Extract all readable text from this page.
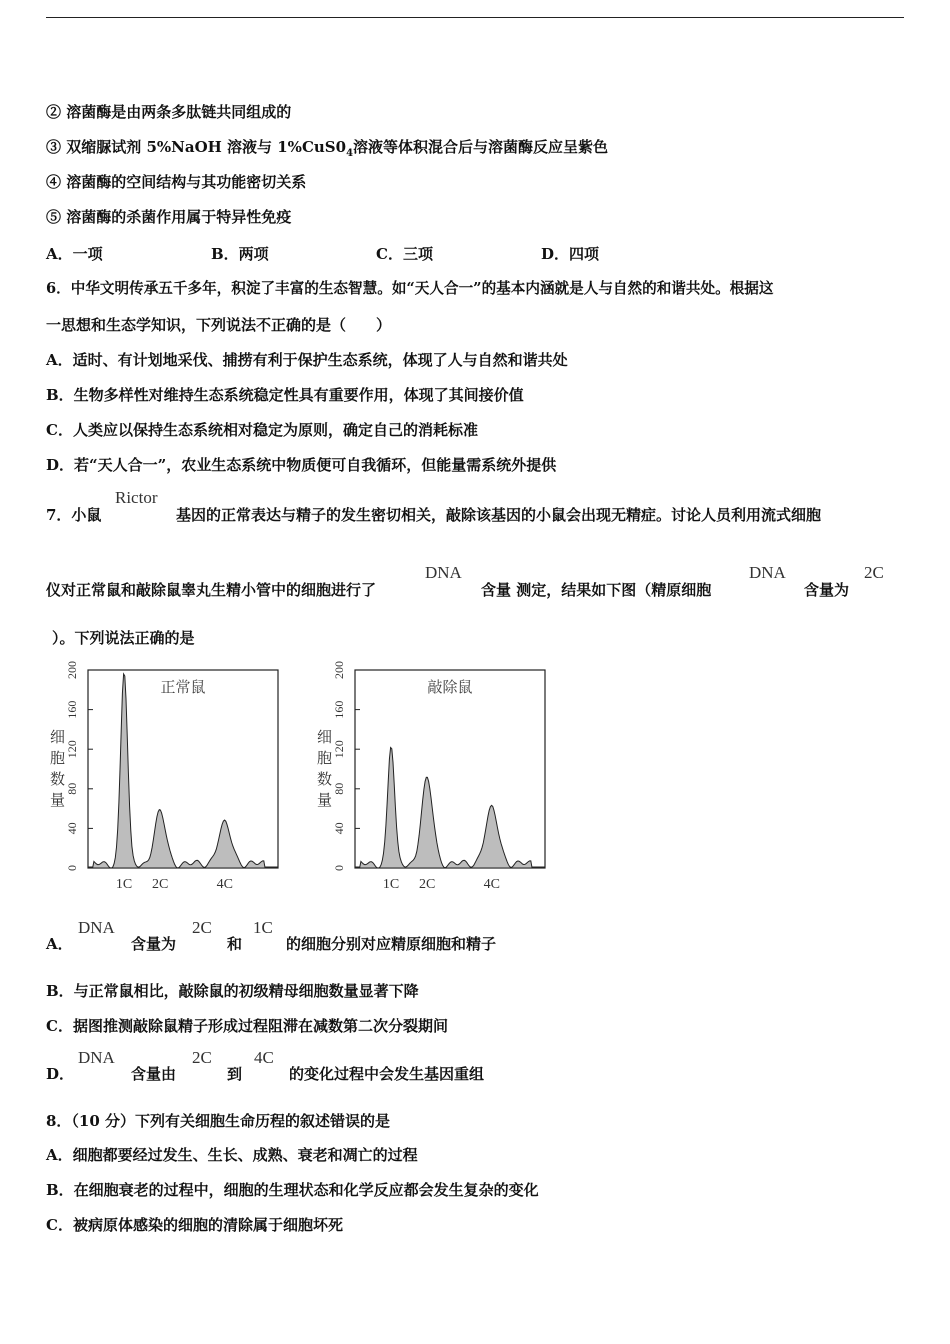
② 溶菌酶是由两条多肽链共同组成的
③ 双缩脲试剂 5%NaOH 溶液与 $1\%CuS0_4$溶液等体积混合后与溶菌酶反应呈紫色
④ 溶菌酶的空间结构与其功能密切关系
⑤ 溶菌酶的杀菌作用属于特异性免疫
A．一项	B．两项	C．三项	D．四项
6．中华文明传承五千多年，积淀了丰富的生态智慧。如“天人合一”的基本内涵就是人与自然的和谐共处。根据这
一思想和生态学知识，下列说法不正确的是（　　）
A．适时、有计划地采伐、捕捞有利于保护生态系统，体现了人与自然和谐共处
B．生物多样性对维持生态系统稳定性具有重要作用，体现了其间接价值
C．人类应以保持生态系统相对稳定为原则，确定自己的消耗标准
D．若“天人合一”，农业生态系统中物质便可自我循环，但能量需系统外提供
7．小鼠
Rictor
基因的正常表达与精子的发生密切相关，敲除该基因的小鼠会出现无精症。讨论人员利用流式细胞
仪对正常鼠和敲除鼠睾丸生精小管中的细胞进行了
DNA
含量 测定，结果如下图（精原细胞
DNA
含量为
2C
）。下列说法正确的是
0
40
80
120
160
200
细
胞
数
量
正常鼠
1C 2C	4C
0
40
80
120
160
200
细
胞
数
量
敲除鼠
1C 2C	4C
A．
DNA
含量为
2C
和
1C
的细胞分别对应精原细胞和精子
B．与正常鼠相比，敲除鼠的初级精母细胞数量显著下降
C．据图推测敲除鼠精子形成过程阻滞在减数第二次分裂期间
D．
DNA
含量由
2C
到
4C
的变化过程中会发生基因重组
8．（10 分）下列有关细胞生命历程的叙述错误的是
A．细胞都要经过发生、生长、成熟、衰老和凋亡的过程
B．在细胞衰老的过程中，细胞的生理状态和化学反应都会发生复杂的变化
C．被病原体感染的细胞的清除属于细胞坏死
